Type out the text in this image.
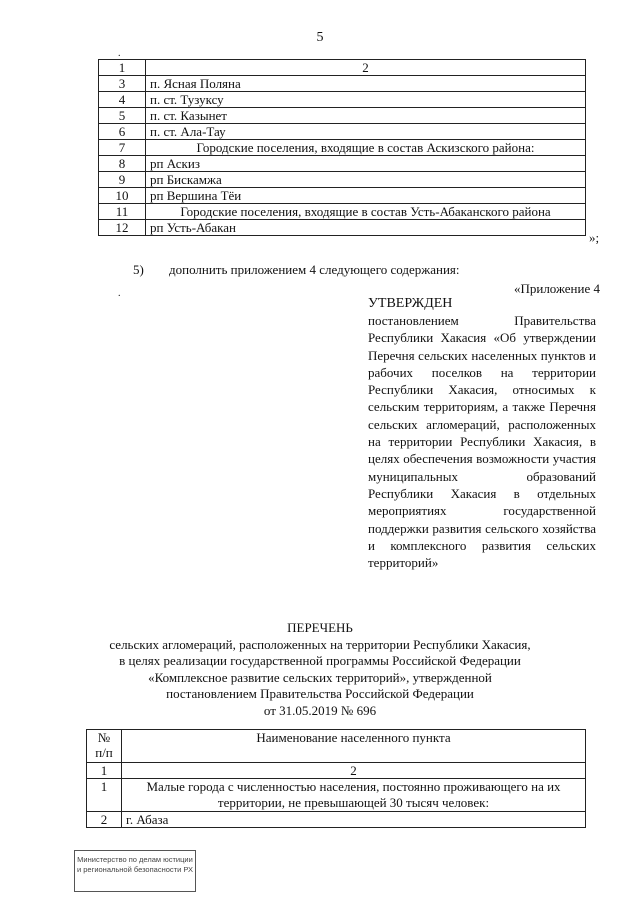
5
.
1	2
3	п. Ясная Поляна
4	п. ст. Тузуксу
5	п. ст. Казынет
6	п. ст. Ала-Тау
7	Городские поселения, входящие в состав Аскизского района:
8	рп Аскиз
9	рп Бискамжа
10	рп Вершина Тёи
11	Городские поселения, входящие в состав Усть-Абаканского района
12	рп Усть-Абакан
»;
5) дополнить приложением 4 следующего содержания:
.	«Приложение 4
УТВЕРЖДЕН
постановлением Правительства Республики Хакасия «Об утверждении Перечня сельских населенных пунктов и рабочих поселков на территории Республики Хакасия, относимых к сельским территориям, а также Перечня сельских агломераций, расположенных на территории Республики Хакасия, в целях обеспечения возможности участия муниципальных образований Республики Хакасия в отдельных мероприятиях государственной поддержки развития сельского хозяйства и комплексного развития сельских территорий»
ПЕРЕЧЕНЬ
сельских агломераций, расположенных на территории Республики Хакасия,
в целях реализации государственной программы Российской Федерации
«Комплексное развитие сельских территорий», утвержденной
постановлением Правительства Российской Федерации
от 31.05.2019 № 696
№
п/п	Наименование населенного пункта
1	2
1	Малые города с численностью населения, постоянно проживающего на их территории, не превышающей 30 тысяч человек:
2	г. Абаза
Министерство по делам юстиции и региональной безопасности РХ
